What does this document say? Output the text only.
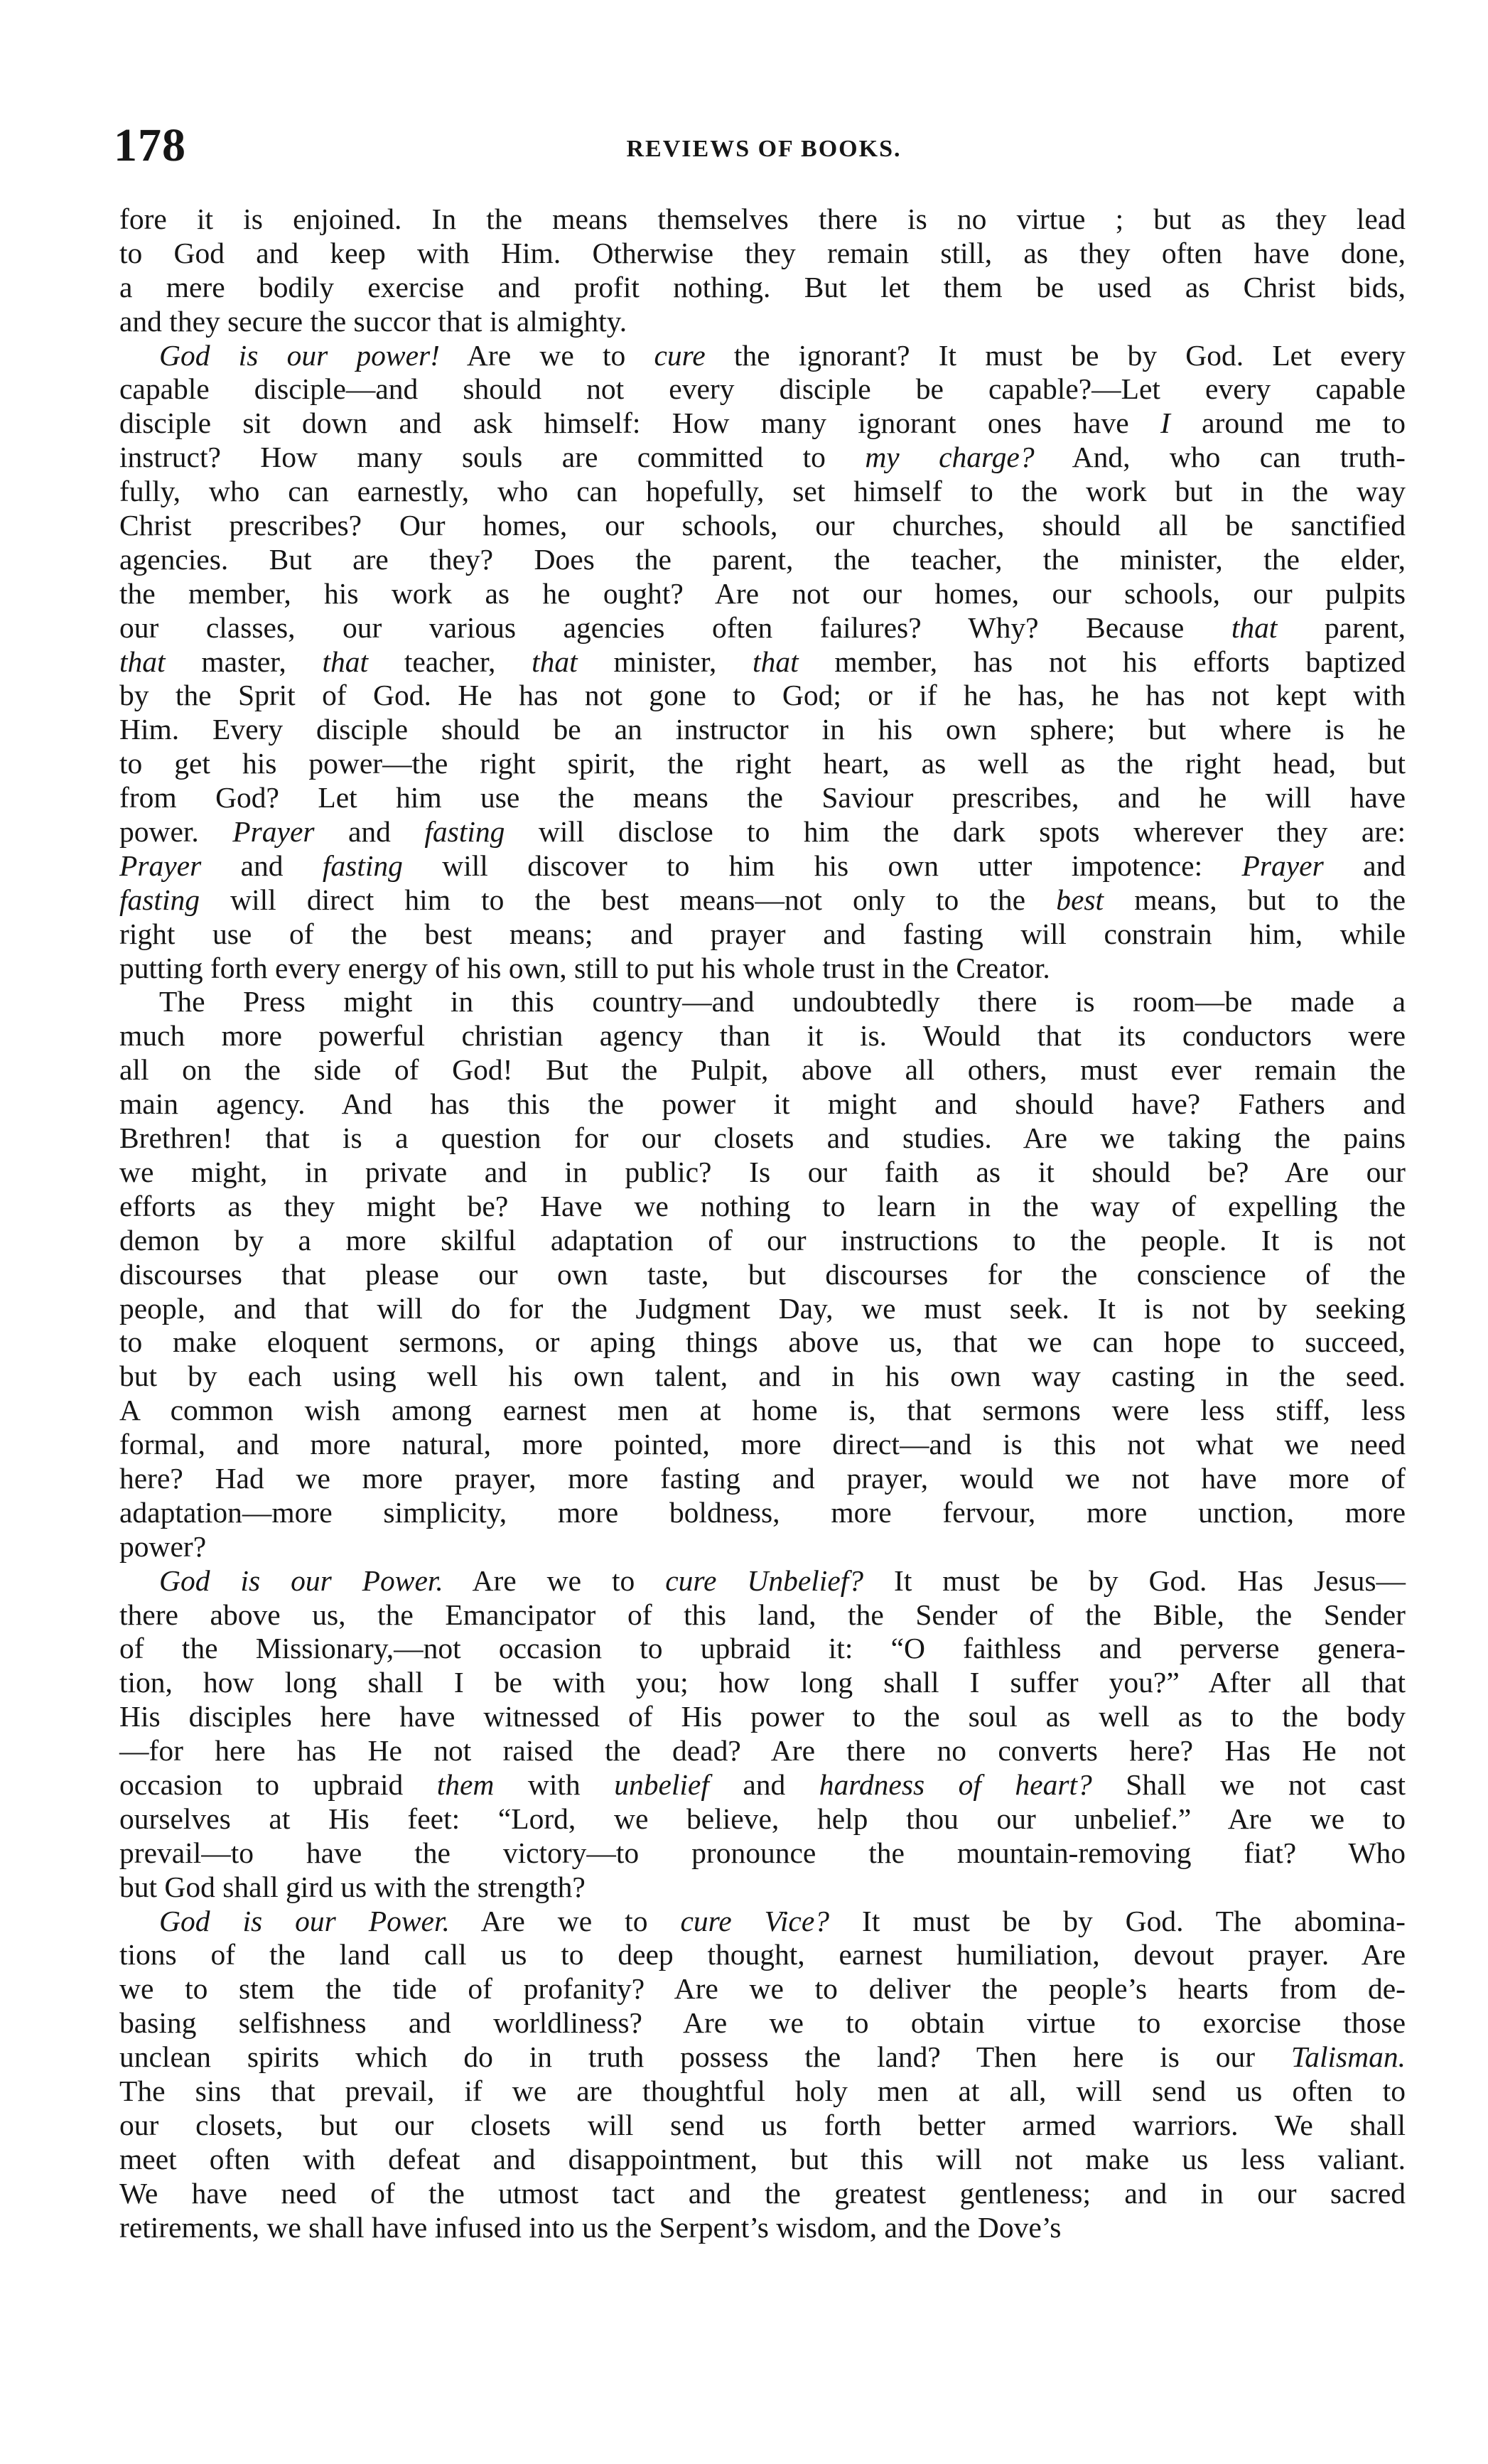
178	REVIEWS OF BOOKS.
fore it is enjoined. In the means themselves there is no virtue ; but as they lead
to God and keep with Him. Otherwise they remain still, as they often have done,
a mere bodily exercise and profit nothing. But let them be used as Christ bids,
and they secure the succor that is almighty.
God is our power! Are we to cure the ignorant? It must be by God. Let every
capable disciple—and should not every disciple be capable?—Let every capable
disciple sit down and ask himself: How many ignorant ones have I around me to
instruct? How many souls are committed to my charge? And, who can truth-
fully, who can earnestly, who can hopefully, set himself to the work but in the way
Christ prescribes? Our homes, our schools, our churches, should all be sanctified
agencies. But are they? Does the parent, the teacher, the minister, the elder,
the member, his work as he ought? Are not our homes, our schools, our pulpits
our classes, our various agencies often failures? Why? Because that parent,
that master, that teacher, that minister, that member, has not his efforts baptized
by the Sprit of God. He has not gone to God; or if he has, he has not kept with
Him. Every disciple should be an instructor in his own sphere; but where is he
to get his power—the right spirit, the right heart, as well as the right head, but
from God? Let him use the means the Saviour prescribes, and he will have
power. Prayer and fasting will disclose to him the dark spots wherever they are:
Prayer and fasting will discover to him his own utter impotence: Prayer and
fasting will direct him to the best means—not only to the best means, but to the
right use of the best means; and prayer and fasting will constrain him, while
putting forth every energy of his own, still to put his whole trust in the Creator.
The Press might in this country—and undoubtedly there is room—be made a
much more powerful christian agency than it is. Would that its conductors were
all on the side of God! But the Pulpit, above all others, must ever remain the
main agency. And has this the power it might and should have? Fathers and
Brethren! that is a question for our closets and studies. Are we taking the pains
we might, in private and in public? Is our faith as it should be? Are our
efforts as they might be? Have we nothing to learn in the way of expelling the
demon by a more skilful adaptation of our instructions to the people. It is not
discourses that please our own taste, but discourses for the conscience of the
people, and that will do for the Judgment Day, we must seek. It is not by seeking
to make eloquent sermons, or aping things above us, that we can hope to succeed,
but by each using well his own talent, and in his own way casting in the seed.
A common wish among earnest men at home is, that sermons were less stiff, less
formal, and more natural, more pointed, more direct—and is this not what we need
here? Had we more prayer, more fasting and prayer, would we not have more of
adaptation—more simplicity, more boldness, more fervour, more unction, more
power?
God is our Power. Are we to cure Unbelief? It must be by God. Has Jesus—
there above us, the Emancipator of this land, the Sender of the Bible, the Sender
of the Missionary,—not occasion to upbraid it: “O faithless and perverse genera-
tion, how long shall I be with you; how long shall I suffer you?” After all that
His disciples here have witnessed of His power to the soul as well as to the body
—for here has He not raised the dead? Are there no converts here? Has He not
occasion to upbraid them with unbelief and hardness of heart? Shall we not cast
ourselves at His feet: “Lord, we believe, help thou our unbelief.” Are we to
prevail—to have the victory—to pronounce the mountain-removing fiat? Who
but God shall gird us with the strength?
God is our Power. Are we to cure Vice? It must be by God. The abomina-
tions of the land call us to deep thought, earnest humiliation, devout prayer. Are
we to stem the tide of profanity? Are we to deliver the people’s hearts from de-
basing selfishness and worldliness? Are we to obtain virtue to exorcise those
unclean spirits which do in truth possess the land? Then here is our Talisman.
The sins that prevail, if we are thoughtful holy men at all, will send us often to
our closets, but our closets will send us forth better armed warriors. We shall
meet often with defeat and disappointment, but this will not make us less valiant.
We have need of the utmost tact and the greatest gentleness; and in our sacred
retirements, we shall have infused into us the Serpent’s wisdom, and the Dove’s
